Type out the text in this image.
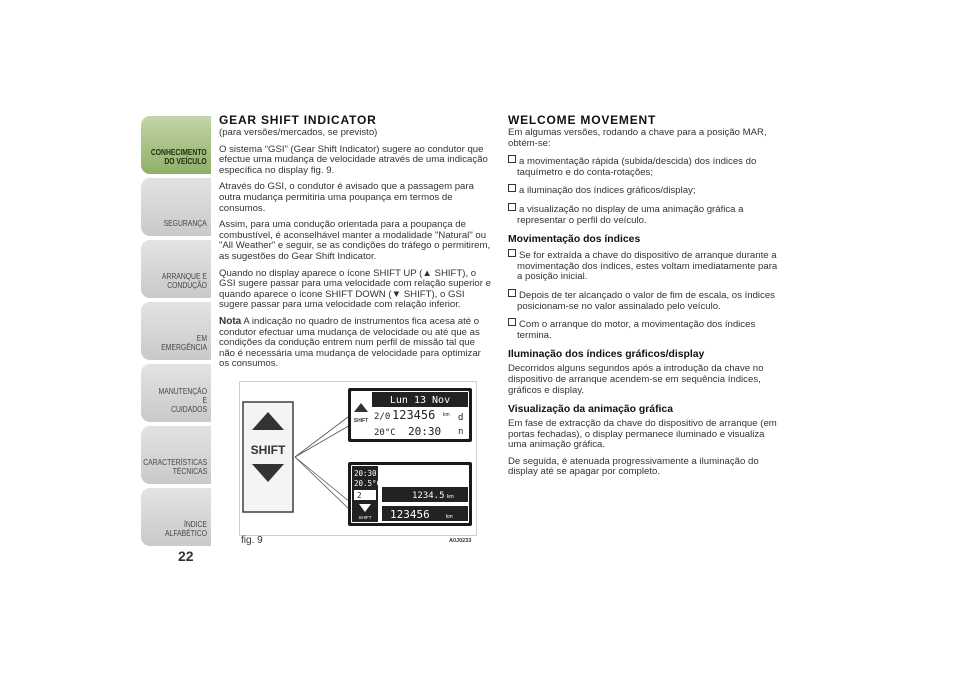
CONHECIMENTO
DO VEÍCULO
SEGURANÇA
ARRANQUE E
CONDUÇÃO
EM EMERGÊNCIA
MANUTENÇÃO E
CUIDADOS
CARACTERÍSTICAS
TÉCNICAS
ÍNDICE ALFABÉTICO
22
GEAR SHIFT INDICATOR

(para versões/mercados, se previsto)

O sistema “GSI” (Gear Shift Indicator) sugere ao condutor que efectue uma mudança de velocidade através de uma indicação específica no display fig. 9.

Através do GSI, o condutor é avisado que a passagem para outra mudança permitiria uma poupança em termos de consumos.

Assim, para uma condução orientada para a poupança de combustível, é aconselhável manter a modalidade "Natural" ou "All Weather" e seguir, se as condições do tráfego o permitirem, as sugestões do Gear Shift Indicator.

Quando no display aparece o ícone SHIFT UP (▲ SHIFT), o GSI sugere passar para uma velocidade com relação superior e quando aparece o ícone SHIFT DOWN (▼ SHIFT), o GSI sugere passar para uma velocidade com relação inferior.

Nota A indicação no quadro de instrumentos fica acesa até o condutor efectuar uma mudança de velocidade ou até que as condições da condução entrem num perfil de missão tal que não é necessária uma mudança de velocidade para optimizar os consumos.

SHIFT
SHIFT
Lun 13 Nov
2/0 123456 km
20°C 20:30
d
n
20:30
20.5°C
2
SHIFT
1234.5 km
123456	km
fig. 9	A0J0233
WELCOME MOVEMENT

Em algumas versões, rodando a chave para a posição MAR, obtém-se:

a movimentação rápida (subida/descida) dos índices do taquímetro e do conta-rotações;

a iluminação dos índices gráficos/display;

a visualização no display de uma animação gráfica a representar o perfil do veículo.

Movimentação dos índices

Se for extraída a chave do dispositivo de arranque durante a movimentação dos índices, estes voltam imediatamente para a posição inicial.

Depois de ter alcançado o valor de fim de escala, os índices posicionam-se no valor assinalado pelo veículo.

Com o arranque do motor, a movimentação dos índices termina.

Iluminação dos índices gráficos/display

Decorridos alguns segundos após a introdução da chave no dispositivo de arranque acendem-se em sequência índices, gráficos e display.

Visualização da animação gráfica

Em fase de extracção da chave do dispositivo de arranque (em portas fechadas), o display permanece iluminado e visualiza uma animação gráfica.

De seguida, é atenuada progressivamente a iluminação do display até se apagar por completo.
